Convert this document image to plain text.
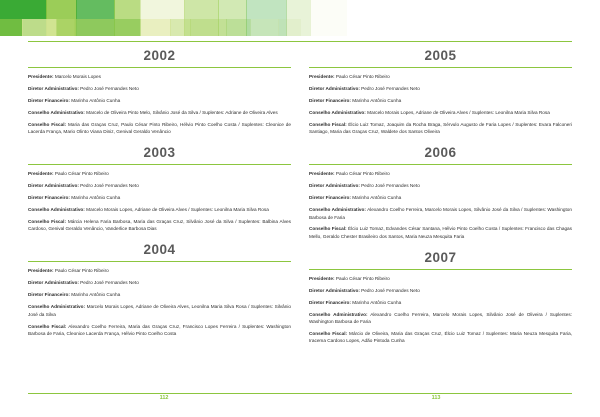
2002

Presidente: Marcelo Morais Lopes

Diretor Administrativo: Pedro José Fernandes Neto

Diretor Financeiro: Marinho Antônio Cunha

Conselho Administrativo: Marcelo de Oliveira Pinto Melo, Silvânio José da Silva / Suplentes: Adriane de Oliveira Alves

Conselho Fiscal: Maria das Graças Cruz, Paulo César Pinto Ribeiro, Hélvio Pinto Coelho Costa / Suplentes: Cleonice de Lacerda França, Mario Olinto Viana Diniz, Genival Geraldo Venâncio

2003

Presidente: Paulo César Pinto Ribeiro

Diretor Administrativo: Pedro José Fernandes Neto

Diretor Financeiro: Marinho Antônio Cunha

Conselho Administrativo: Marcelo Morais Lopes, Adriane de Oliveira Alves / Suplentes: Leonilna Maria Silva Rosa

Conselho Fiscal: Márcia Helena Faria Barbosa, Maria das Graças Cruz, Silvânio José da Silva / Suplentes: Balbina Alves Cardoso, Genival Geraldo Venâncio, Vanderlice Barbosa Dias

2004

Presidente: Paulo César Pinto Ribeiro

Diretor Administrativo: Pedro José Fernandes Neto

Diretor Financeiro: Marinho Antônio Cunha

Conselho Administrativo: Marcelo Morais Lopes, Adriane de Oliveira Alves, Leonilna Maria Silva Rosa / Suplentes: Silvânio José da Silva

Conselho Fiscal: Alexandro Coelho Ferreira, Maria das Graças Cruz, Francisco Lopes Ferreira / Suplentes: Washington Barbosa de Faria, Cleonice Lacerda França, Hélvio Pinto Coelho Costa

2005

Presidente: Paulo César Pinto Ribeiro

Diretor Administrativo: Pedro José Fernandes Neto

Diretor Financeiro: Marinho Antônio Cunha

Conselho Administrativo: Marcelo Morais Lopes, Adriane de Oliveira Alves / Suplentes: Leonilna Maria Silva Rosa

Conselho Fiscal: Élcio Luiz Tomaz, Joaquim da Rocha Braga, Sérvulo Augusto de Faria Lopes / Suplentes: Evara Falconeri Santiago, Maria das Graças Cruz, Waldete dos Santos Oliveira

2006

Presidente: Paulo César Pinto Ribeiro

Diretor Administrativo: Pedro José Fernandes Neto

Diretor Financeiro: Marinho Antônio Cunha

Conselho Administrativo: Alexandro Coelho Ferreira, Marcelo Morais Lopes, Silvânio José da Silva / Suplentes: Washington Barbosa de Faria

Conselho Fiscal: Élcio Luiz Tomaz, Edvandes César Santana, Hélvio Pinto Coelho Costa / Suplentes: Francisco das Chagas Mello, Geraldo Chester Brasileiro dos Santos, Maria Neuza Mesquita Faria

2007

Presidente: Paulo César Pinto Ribeiro

Diretor Administrativo: Pedro José Fernandes Neto

Diretor Financeiro: Marinho Antônio Cunha

Conselho Administrativo: Alexandro Coelho Ferreira, Marcelo Morais Lopes, Silvânio José de Oliveira / Suplentes: Washington Barbosa de Faria

Conselho Fiscal: Márcio de Oliveira, Maria das Graças Cruz, Élcio Luiz Tomaz / Suplentes: Maria Neuza Mesquita Faria, Iracema Cardoso Lopes, Adão Pintoda Cunha

112	113
